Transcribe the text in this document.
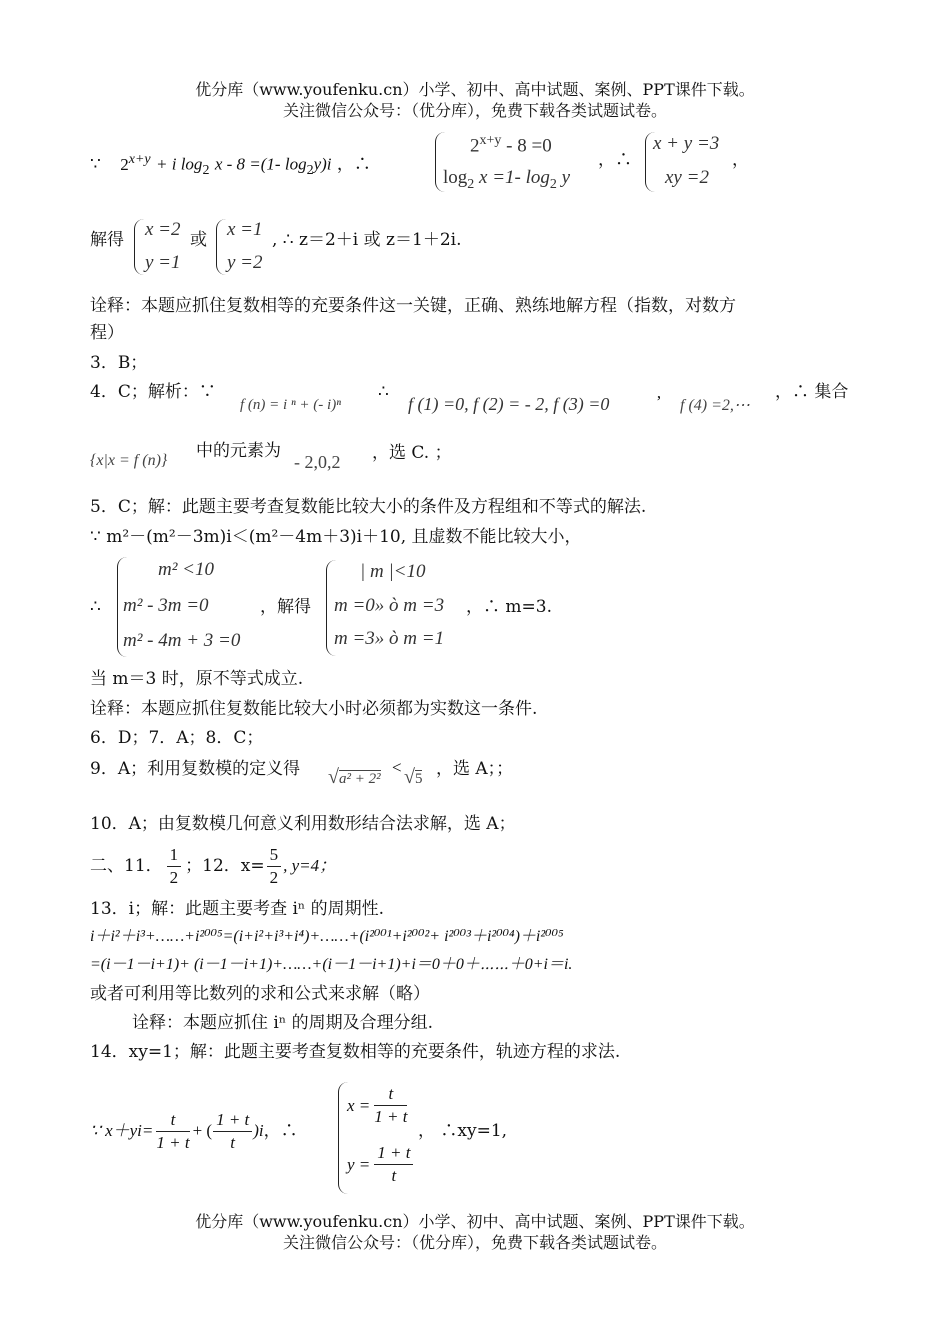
优分库（www.youfenku.cn）小学、初中、高中试题、案例、PPT课件下载。
关注微信公众号：（优分库），免费下载各类试题试卷。
∵ $2^{x+y} + i$ $\log_2 x - 8 =(1-$ $\log_2y)i$ ，∴
$2^{x+y} - 8 =0$
$\log_2 x =1-$ $\log_2 y$
，∴
x + y =3
xy =2
，
解得 x =2
y =1
或 x =1
y =2
, ∴ z＝2＋i 或 z＝1＋2i.
诠释：本题应抓住复数相等的充要条件这一关键，正确、熟练地解方程（指数，对数方
程）
3．B；
4．C；解析：∵
f (n) = i ⁿ + (- i)ⁿ
∴
f (1) =0, f (2) = - 2, f (3) =0	’ f (4) =2,⋯
，∴ 集合
{x|x = f (n)} 中的元素为
- 2,0,2 ，选 C. ；
5．C；解：此题主要考查复数能比较大小的条件及方程组和不等式的解法.
∵ m²－(m²－3m)i＜(m²－4m＋3)i＋10, 且虚数不能比较大小，
∴
m² <10
m² - 3m =0
m² - 4m + 3 =0
，解得
| m |<10
m =0» ò m =3
m =3» ò m =1
，∴ m=3.
当 m＝3 时，原不等式成立.
诠释：本题应抓住复数能比较大小时必须都为实数这一条件.
6．D；7．A；8．C；
9．A；利用复数模的定义得 √a² + 2²
< √5 ，选 A；；
10．A；由复数模几何意义利用数形结合法求解，选 A；
二、11． $\frac{1}{2}$ ；12．$x= \frac{5}{2}$ , y=4；
13．i；解：此题主要考查 iⁿ 的周期性.
i＋i²＋i³+……+i²⁰⁰⁵=(i+i²+i³+i⁴)+……+(i²⁰⁰¹+i²⁰⁰²+ i²⁰⁰³＋i²⁰⁰⁴)＋i²⁰⁰⁵
=(i－1－i+1)+ (i－1－i+1)+……+(i－1－i+1)+i＝0＋0＋⋯⋯＋0+i＝i.
或者可利用等比数列的求和公式来求解（略）
诠释：本题应抓住 iⁿ 的周期及合理分组.
14．xy=1；解：此题主要考查复数相等的充要条件，轨迹方程的求法.
∵ $x+yi= \frac{t}{1 + t}$ + ( $\frac{1 + t}{t} )i$ ，∴
$x = \frac{t}{1 + t}$
$y = \frac{1 + t}{t}$
， ∴xy=1,
优分库（www.youfenku.cn）小学、初中、高中试题、案例、PPT课件下载。
关注微信公众号：（优分库），免费下载各类试题试卷。
